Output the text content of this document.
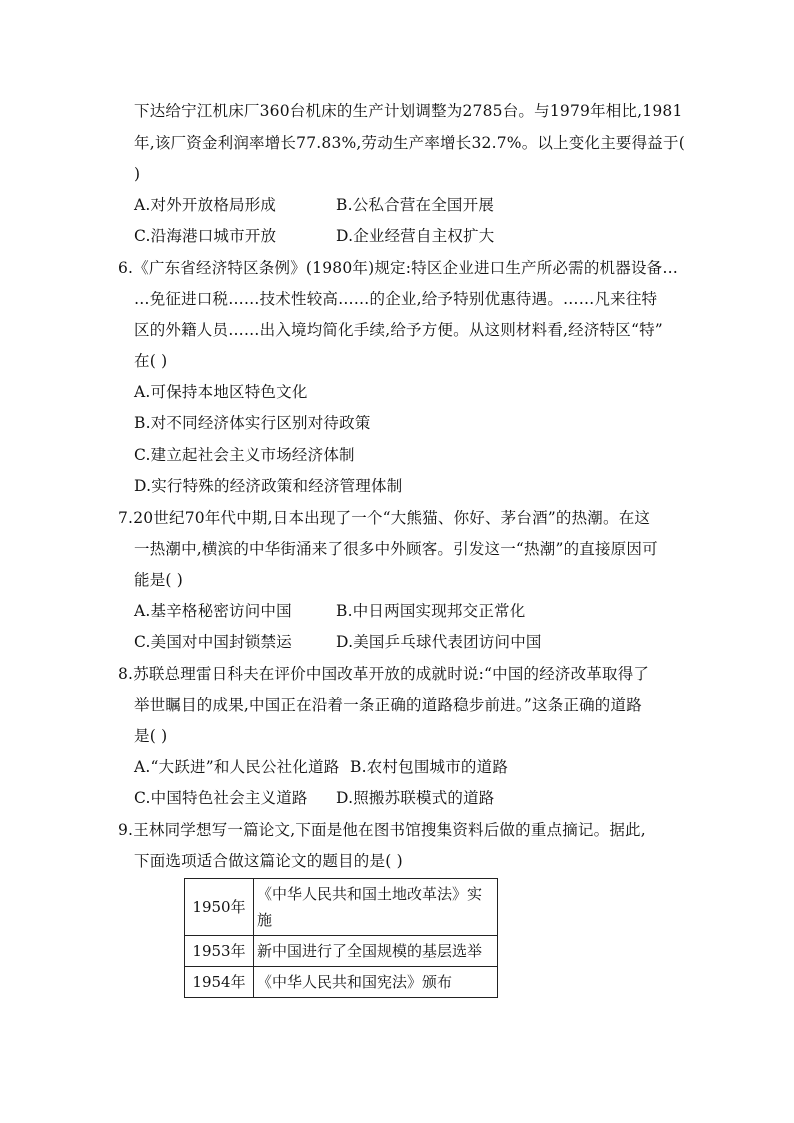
下达给宁江机床厂360台机床的生产计划调整为2785台。与1979年相比,1981
年,该厂资金利润率增长77.83%,劳动生产率增长32.7%。以上变化主要得益于(
)
A.对外开放格局形成	B.公私合营在全国开展
C.沿海港口城市开放	D.企业经营自主权扩大
6.《广东省经济特区条例》(1980年)规定:特区企业进口生产所必需的机器设备…
…免征进口税……技术性较高……的企业,给予特别优惠待遇。……凡来往特
区的外籍人员……出入境均简化手续,给予方便。从这则材料看,经济特区“特”
在( )
A.可保持本地区特色文化
B.对不同经济体实行区别对待政策
C.建立起社会主义市场经济体制
D.实行特殊的经济政策和经济管理体制
7.20世纪70年代中期,日本出现了一个“大熊猫、你好、茅台酒”的热潮。在这
一热潮中,横滨的中华街涌来了很多中外顾客。引发这一“热潮”的直接原因可
能是( )
A.基辛格秘密访问中国	B.中日两国实现邦交正常化
C.美国对中国封锁禁运	D.美国乒乓球代表团访问中国
8.苏联总理雷日科夫在评价中国改革开放的成就时说:“中国的经济改革取得了
举世瞩目的成果,中国正在沿着一条正确的道路稳步前进。”这条正确的道路
是( )
A.“大跃进”和人民公社化道路 B.农村包围城市的道路
C.中国特色社会主义道路 D.照搬苏联模式的道路
9.王林同学想写一篇论文,下面是他在图书馆搜集资料后做的重点摘记。据此,
下面选项适合做这篇论文的题目的是( )
1950年	《中华人民共和国土地改革法》实
施

1953年	新中国进行了全国规模的基层选举
1954年	《中华人民共和国宪法》颁布
